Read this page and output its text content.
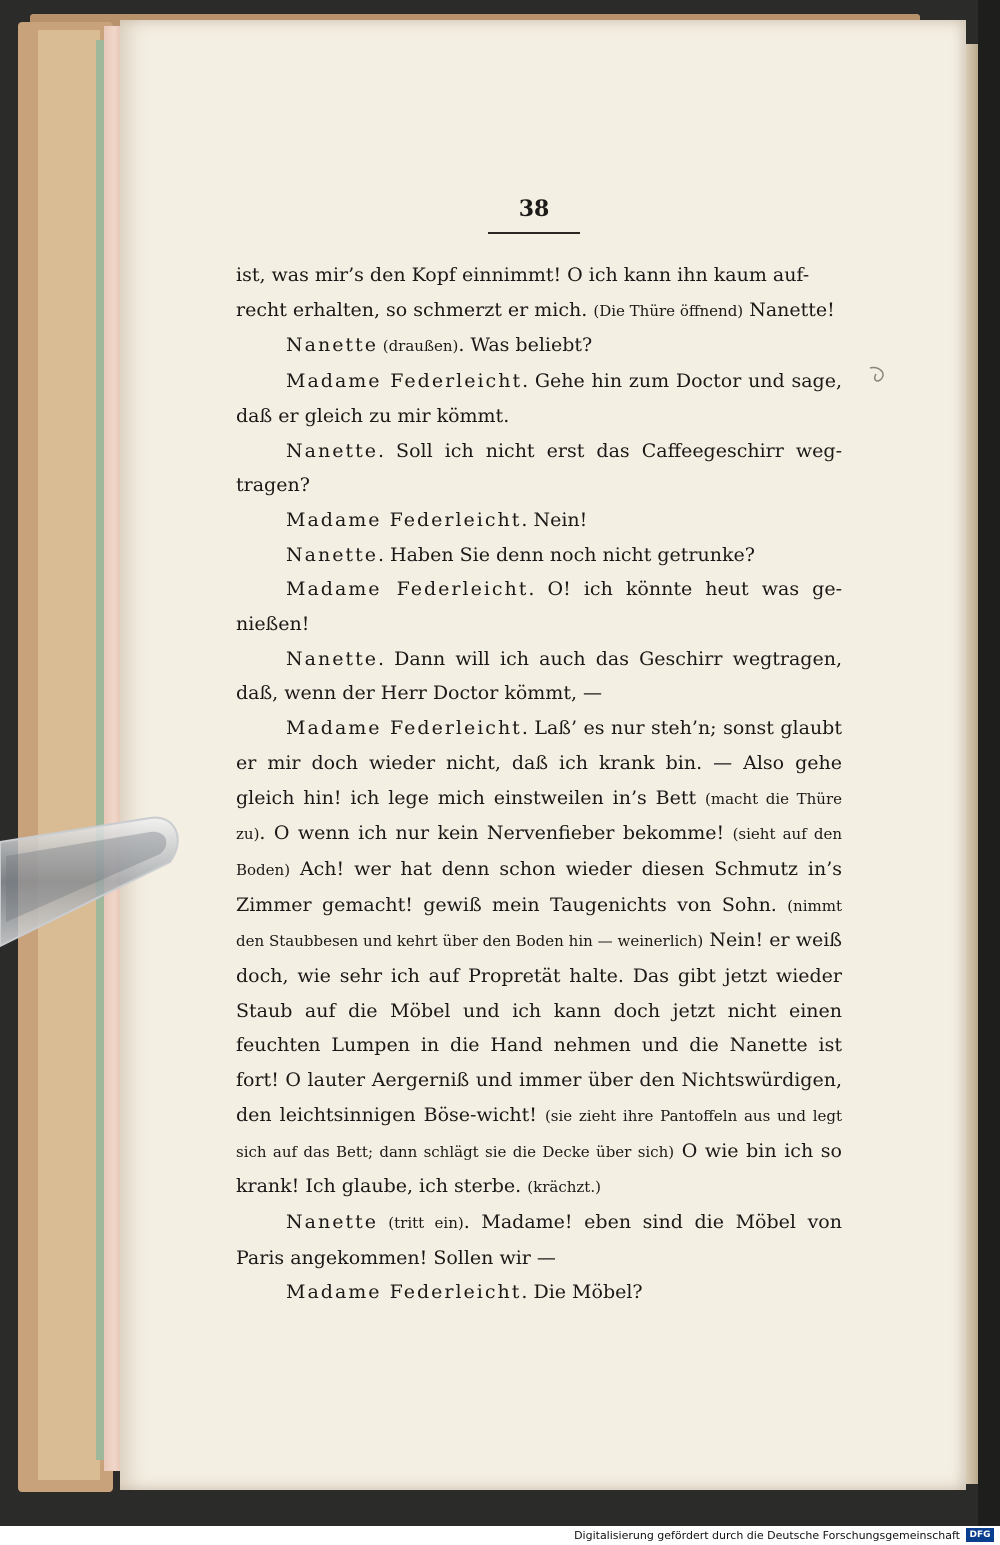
38

ist, was mir’s den Kopf einnimmt! O ich kann ihn kaum auf-

recht erhalten, so schmerzt er mich. (Die Thüre öffnend) Nanette!

Nanette (draußen). Was beliebt?

Madame Federleicht. Gehe hin zum Doctor und sage, daß er gleich zu mir kömmt.

Nanette. Soll ich nicht erst das Caffeegeschirr weg-tragen?

Madame Federleicht. Nein!

Nanette. Haben Sie denn noch nicht getrunke?

Madame Federleicht. O! ich könnte heut was ge-nießen!

Nanette. Dann will ich auch das Geschirr wegtragen, daß, wenn der Herr Doctor kömmt, —

Madame Federleicht. Laß’ es nur steh’n; sonst glaubt er mir doch wieder nicht, daß ich krank bin. — Also gehe gleich hin! ich lege mich einstweilen in’s Bett (macht die Thüre zu). O wenn ich nur kein Nervenfieber bekomme! (sieht auf den Boden) Ach! wer hat denn schon wieder diesen Schmutz in’s Zimmer gemacht! gewiß mein Taugenichts von Sohn. (nimmt den Staubbesen und kehrt über den Boden hin — weinerlich) Nein! er weiß doch, wie sehr ich auf Propretät halte. Das gibt jetzt wieder Staub auf die Möbel und ich kann doch jetzt nicht einen feuchten Lumpen in die Hand nehmen und die Nanette ist fort! O lauter Aergerniß und immer über den Nichtswürdigen, den leichtsinnigen Böse-wicht! (sie zieht ihre Pantoffeln aus und legt sich auf das Bett; dann schlägt sie die Decke über sich) O wie bin ich so krank! Ich glaube, ich sterbe. (krächzt.)

Nanette (tritt ein). Madame! eben sind die Möbel von Paris angekommen! Sollen wir —

Madame Federleicht. Die Möbel?

Digitalisierung gefördert durch die Deutsche Forschungsgemeinschaft	DFG
